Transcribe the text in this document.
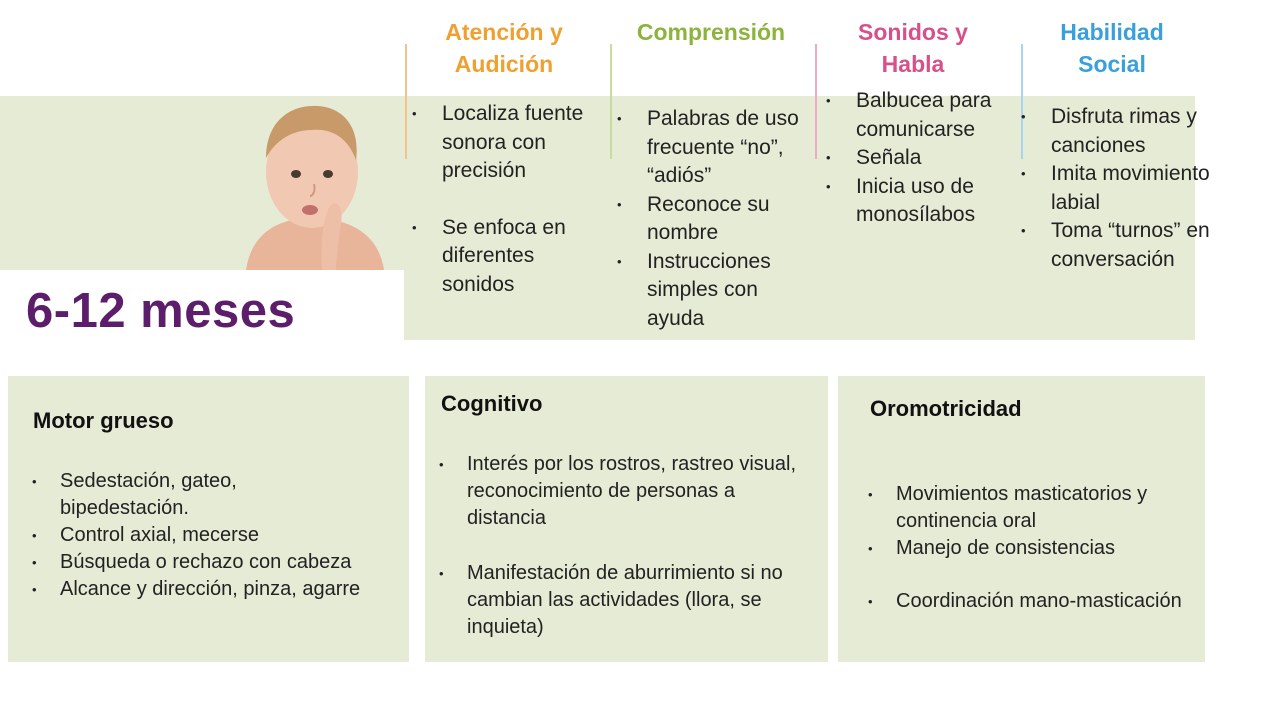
6-12 meses
Atención y
Audición
• Localiza fuente sonora con precisión
• Se enfoca en diferentes sonidos
Comprensión
• Palabras de uso frecuente “no”, “adiós”
• Reconoce su nombre
• Instrucciones simples con ayuda
Sonidos y
Habla
• Balbucea para comunicarse
• Señala
• Inicia uso de monosílabos
Habilidad
Social
• Disfruta rimas y canciones
• Imita movimiento labial
• Toma “turnos” en conversación
Motor grueso
• Sedestación, gateo, bipedestación.
• Control axial, mecerse
• Búsqueda o rechazo con cabeza
• Alcance y dirección, pinza, agarre
Cognitivo
• Interés por los rostros, rastreo visual, reconocimiento de personas a distancia
• Manifestación de aburrimiento si no cambian las actividades (llora, se inquieta)
Oromotricidad
• Movimientos masticatorios y continencia oral
• Manejo de consistencias
• Coordinación mano-masticación
